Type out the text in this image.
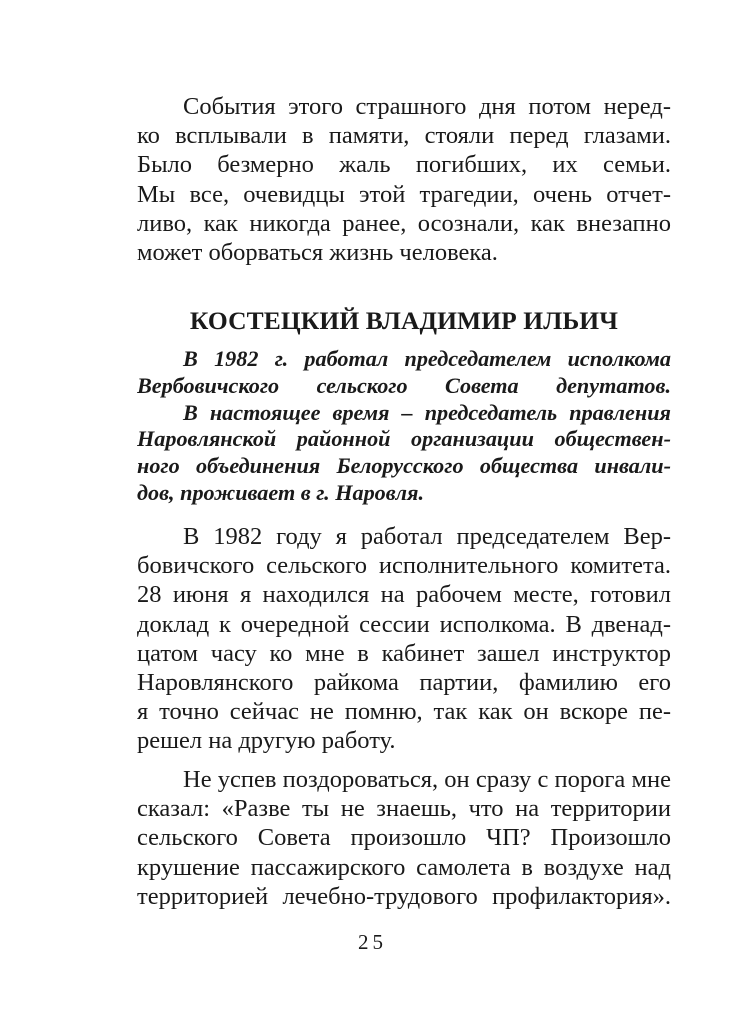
События этого страшного дня потом неред-
ко всплывали в памяти, стояли перед глазами.
Было безмерно жаль погибших, их семьи.
Мы все, очевидцы этой трагедии, очень отчет-
ливо, как никогда ранее, осознали, как внезапно
может оборваться жизнь человека.
КОСТЕЦКИЙ ВЛАДИМИР ИЛЬИЧ
В 1982 г. работал председателем исполкома
Вербовичского сельского Совета депутатов.
В настоящее время – председатель правления
Наровлянской районной организации обществен-
ного объединения Белорусского общества инвали-
дов, проживает в г. Наровля.
В 1982 году я работал председателем Вер-
бовичского сельского исполнительного комитета.
28 июня я находился на рабочем месте, готовил
доклад к очередной сессии исполкома. В двенад-
цатом часу ко мне в кабинет зашел инструктор
Наровлянского райкома партии, фамилию его
я точно сейчас не помню, так как он вскоре пе-
решел на другую работу.
Не успев поздороваться, он сразу с порога мне
сказал: «Разве ты не знаешь, что на территории
сельского Совета произошло ЧП? Произошло
крушение пассажирского самолета в воздухе над
территорией лечебно-трудового профилактория».
25
